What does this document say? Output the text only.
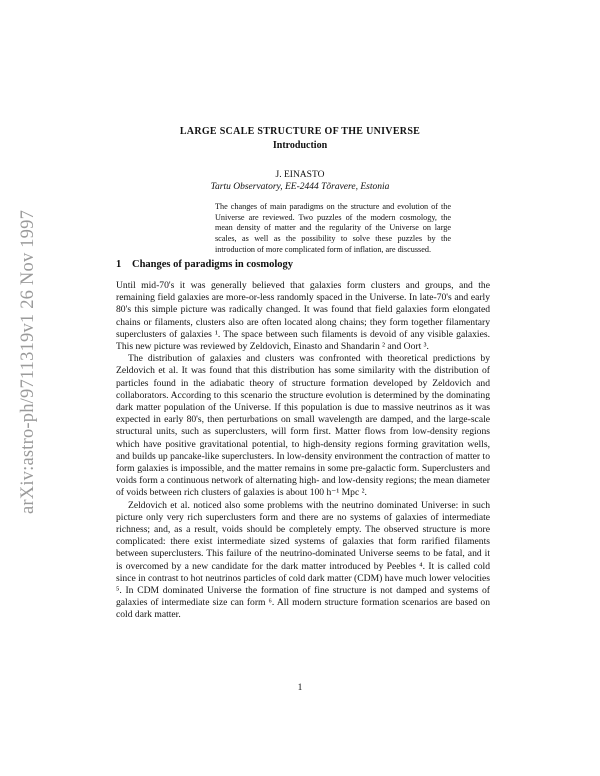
arXiv:astro-ph/9711319v1 26 Nov 1997
LARGE SCALE STRUCTURE OF THE UNIVERSE
Introduction
J. EINASTO
Tartu Observatory, EE-2444 Tõravere, Estonia
The changes of main paradigms on the structure and evolution of the Universe are reviewed. Two puzzles of the modern cosmology, the mean density of matter and the regularity of the Universe on large scales, as well as the possibility to solve these puzzles by the introduction of more complicated form of inflation, are discussed.
1 Changes of paradigms in cosmology

Until mid-70's it was generally believed that galaxies form clusters and groups, and the remaining field galaxies are more-or-less randomly spaced in the Universe. In late-70's and early 80's this simple picture was radically changed. It was found that field galaxies form elongated chains or filaments, clusters also are often located along chains; they form together filamentary superclusters of galaxies ¹. The space between such filaments is devoid of any visible galaxies. This new picture was reviewed by Zeldovich, Einasto and Shandarin ² and Oort ³.

The distribution of galaxies and clusters was confronted with theoretical predictions by Zeldovich et al. It was found that this distribution has some similarity with the distribution of particles found in the adiabatic theory of structure formation developed by Zeldovich and collaborators. According to this scenario the structure evolution is determined by the dominating dark matter population of the Universe. If this population is due to massive neutrinos as it was expected in early 80's, then perturbations on small wavelength are damped, and the large-scale structural units, such as superclusters, will form first. Matter flows from low-density regions which have positive gravitational potential, to high-density regions forming gravitation wells, and builds up pancake-like superclusters. In low-density environment the contraction of matter to form galaxies is impossible, and the matter remains in some pre-galactic form. Superclusters and voids form a continuous network of alternating high- and low-density regions; the mean diameter of voids between rich clusters of galaxies is about 100 h⁻¹ Mpc ².

Zeldovich et al. noticed also some problems with the neutrino dominated Universe: in such picture only very rich superclusters form and there are no systems of galaxies of intermediate richness; and, as a result, voids should be completely empty. The observed structure is more complicated: there exist intermediate sized systems of galaxies that form rarified filaments between superclusters. This failure of the neutrino-dominated Universe seems to be fatal, and it is overcomed by a new candidate for the dark matter introduced by Peebles ⁴. It is called cold since in contrast to hot neutrinos particles of cold dark matter (CDM) have much lower velocities ⁵. In CDM dominated Universe the formation of fine structure is not damped and systems of galaxies of intermediate size can form ⁶. All modern structure formation scenarios are based on cold dark matter.

1
